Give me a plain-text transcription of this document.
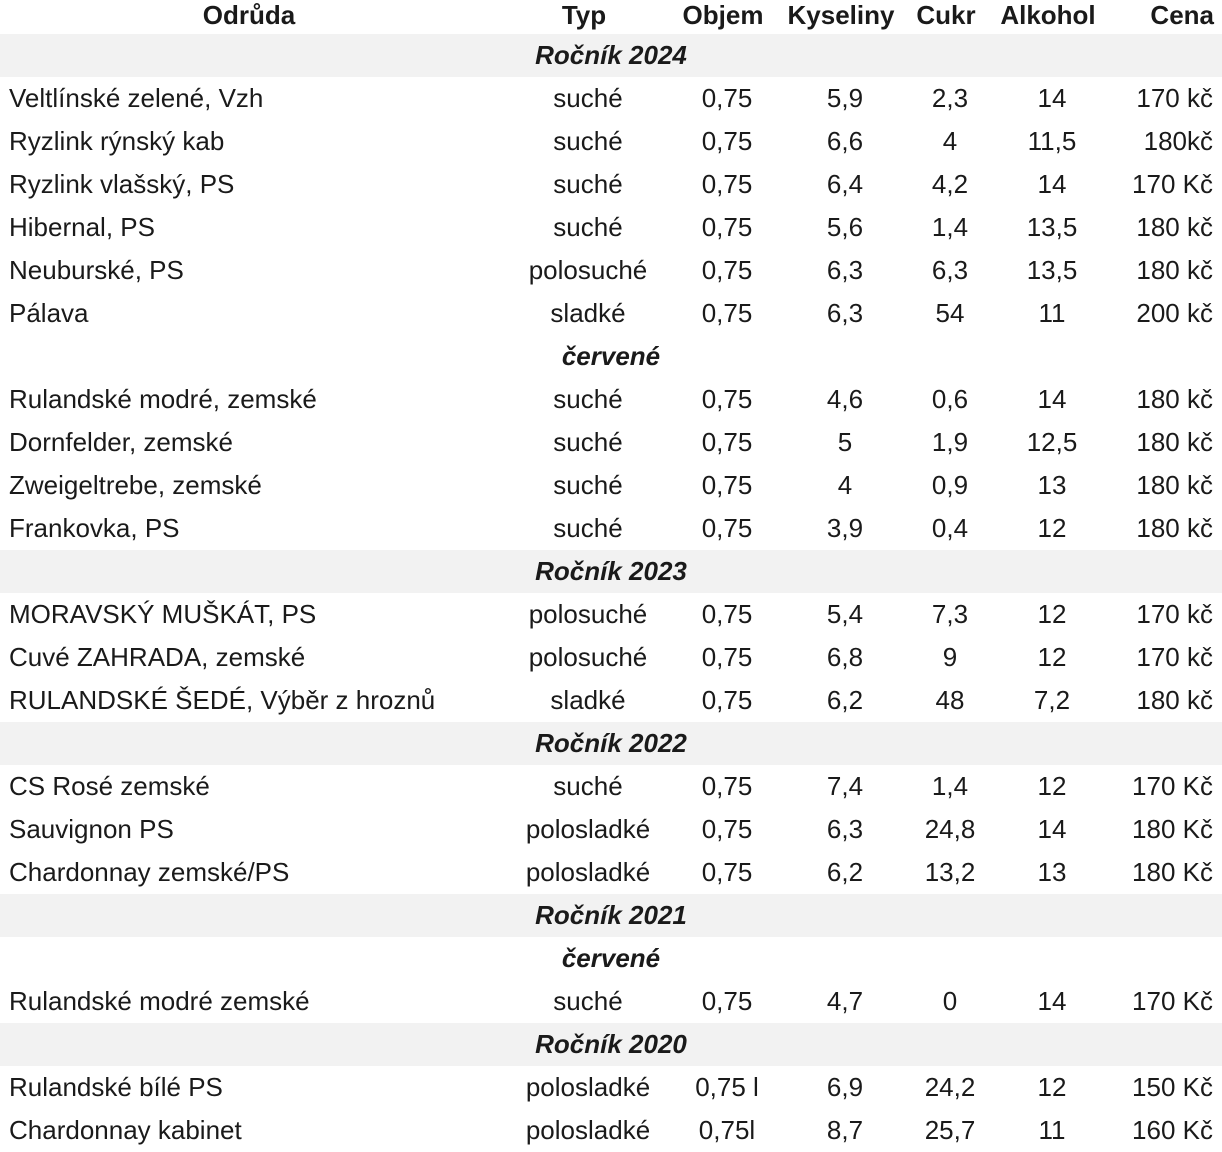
Odrůda	Typ	Objem	Kyseliny	Cukr	Alkohol	Cena
Ročník 2024						
Veltlínské zelené, Vzh	suché	0,75	5,9	2,3	14	170 kč
Ryzlink rýnský kab	suché	0,75	6,6	4	11,5	180kč
Ryzlink vlašský, PS	suché	0,75	6,4	4,2	14	170 Kč
Hibernal, PS	suché	0,75	5,6	1,4	13,5	180 kč
Neuburské, PS	polosuché	0,75	6,3	6,3	13,5	180 kč
Pálava	sladké	0,75	6,3	54	11	200 kč
červené						
Rulandské modré, zemské	suché	0,75	4,6	0,6	14	180 kč
Dornfelder, zemské	suché	0,75	5	1,9	12,5	180 kč
Zweigeltrebe, zemské	suché	0,75	4	0,9	13	180 kč
Frankovka, PS	suché	0,75	3,9	0,4	12	180 kč
Ročník 2023						
MORAVSKÝ MUŠKÁT, PS	polosuché	0,75	5,4	7,3	12	170 kč
Cuvé ZAHRADA, zemské	polosuché	0,75	6,8	9	12	170 kč
RULANDSKÉ ŠEDÉ, Výběr z hroznů	sladké	0,75	6,2	48	7,2	180 kč
Ročník 2022						
CS Rosé zemské	suché	0,75	7,4	1,4	12	170 Kč
Sauvignon PS	polosladké	0,75	6,3	24,8	14	180 Kč
Chardonnay zemské/PS	polosladké	0,75	6,2	13,2	13	180 Kč
Ročník 2021						
červené						
Rulandské modré zemské	suché	0,75	4,7	0	14	170 Kč
Ročník 2020						
Rulandské bílé PS	polosladké	0,75 l	6,9	24,2	12	150 Kč
Chardonnay kabinet	polosladké	0,75l	8,7	25,7	11	160 Kč
